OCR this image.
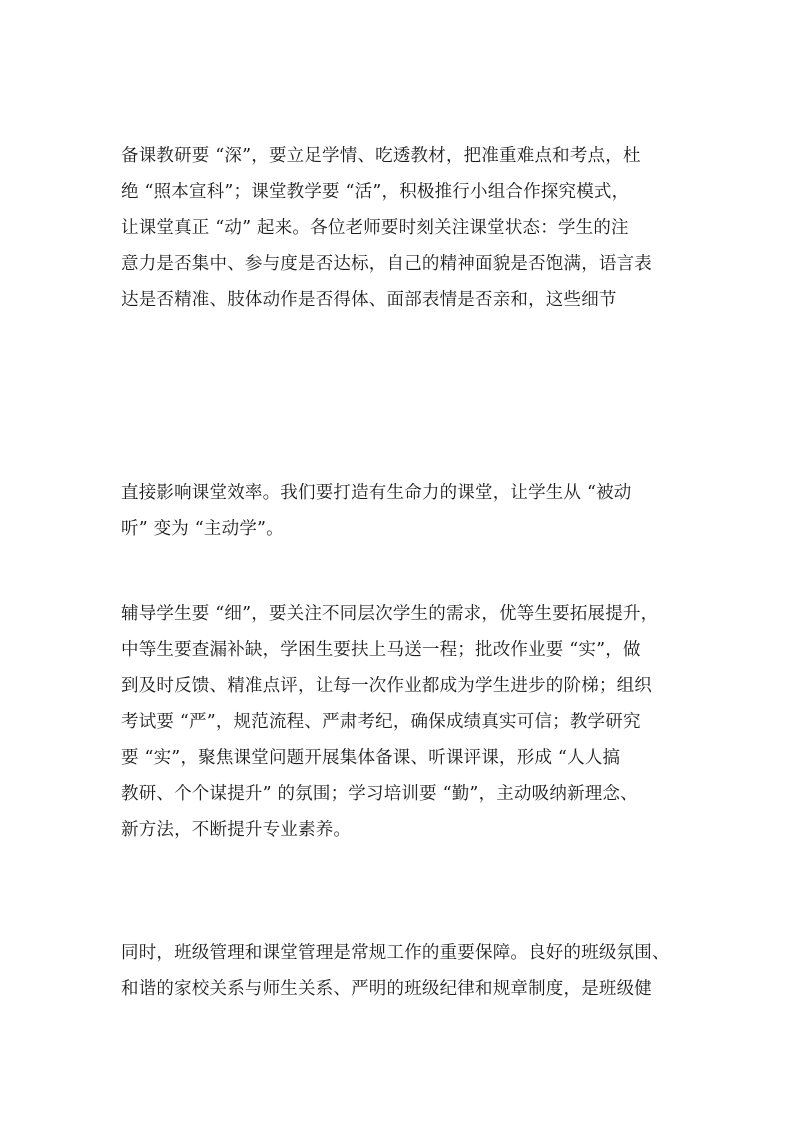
备课教研要 “深”，要立足学情、吃透教材，把准重难点和考点，杜
绝 “照本宣科”；课堂教学要 “活”，积极推行小组合作探究模式，
让课堂真正 “动” 起来。各位老师要时刻关注课堂状态：学生的注
意力是否集中、参与度是否达标，自己的精神面貌是否饱满，语言表
达是否精准、肢体动作是否得体、面部表情是否亲和，这些细节
直接影响课堂效率。我们要打造有生命力的课堂，让学生从 “被动
听” 变为 “主动学”。
辅导学生要 “细”，要关注不同层次学生的需求，优等生要拓展提升，
中等生要查漏补缺，学困生要扶上马送一程；批改作业要 “实”，做
到及时反馈、精准点评，让每一次作业都成为学生进步的阶梯；组织
考试要 “严”，规范流程、严肃考纪，确保成绩真实可信；教学研究
要 “实”，聚焦课堂问题开展集体备课、听课评课，形成 “人人搞
教研、个个谋提升” 的氛围；学习培训要 “勤”，主动吸纳新理念、
新方法，不断提升专业素养。
同时，班级管理和课堂管理是常规工作的重要保障。良好的班级氛围、
和谐的家校关系与师生关系、严明的班级纪律和规章制度，是班级健
